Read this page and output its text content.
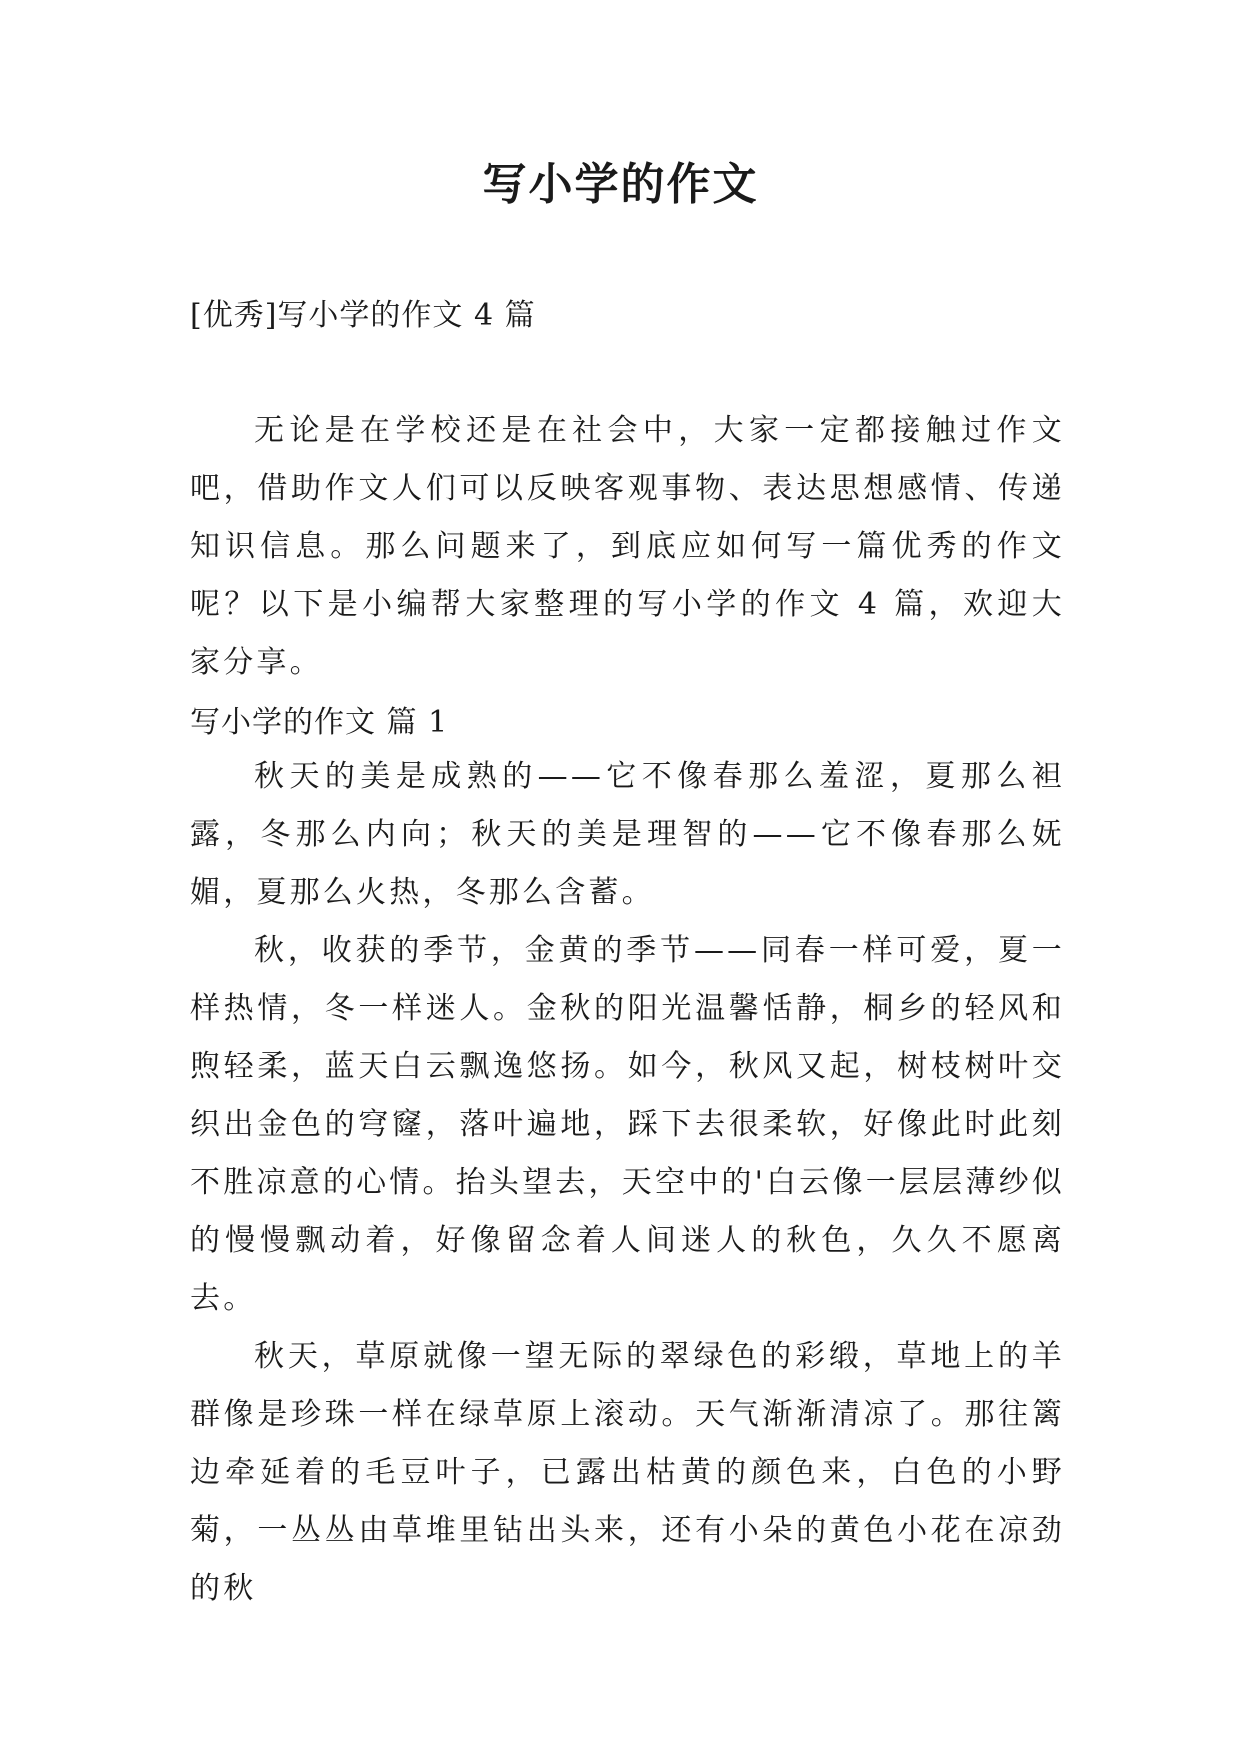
写小学的作文

[优秀]写小学的作文 4 篇

无论是在学校还是在社会中，大家一定都接触过作文吧，借助作文人们可以反映客观事物、表达思想感情、传递知识信息。那么问题来了，到底应如何写一篇优秀的作文呢？以下是小编帮大家整理的写小学的作文 4 篇，欢迎大家分享。

写小学的作文 篇 1

秋天的美是成熟的——它不像春那么羞涩，夏那么袒露，冬那么内向；秋天的美是理智的——它不像春那么妩媚，夏那么火热，冬那么含蓄。

秋，收获的季节，金黄的季节——同春一样可爱，夏一样热情，冬一样迷人。金秋的阳光温馨恬静，桐乡的轻风和煦轻柔，蓝天白云飘逸悠扬。如今，秋风又起，树枝树叶交织出金色的穹窿，落叶遍地，踩下去很柔软，好像此时此刻不胜凉意的心情。抬头望去，天空中的'白云像一层层薄纱似的慢慢飘动着，好像留念着人间迷人的秋色，久久不愿离去。

秋天，草原就像一望无际的翠绿色的彩缎，草地上的羊群像是珍珠一样在绿草原上滚动。天气渐渐清凉了。那往篱边牵延着的毛豆叶子，已露出枯黄的颜色来，白色的小野菊，一丛丛由草堆里钻出头来，还有小朵的黄色小花在凉劲的秋
